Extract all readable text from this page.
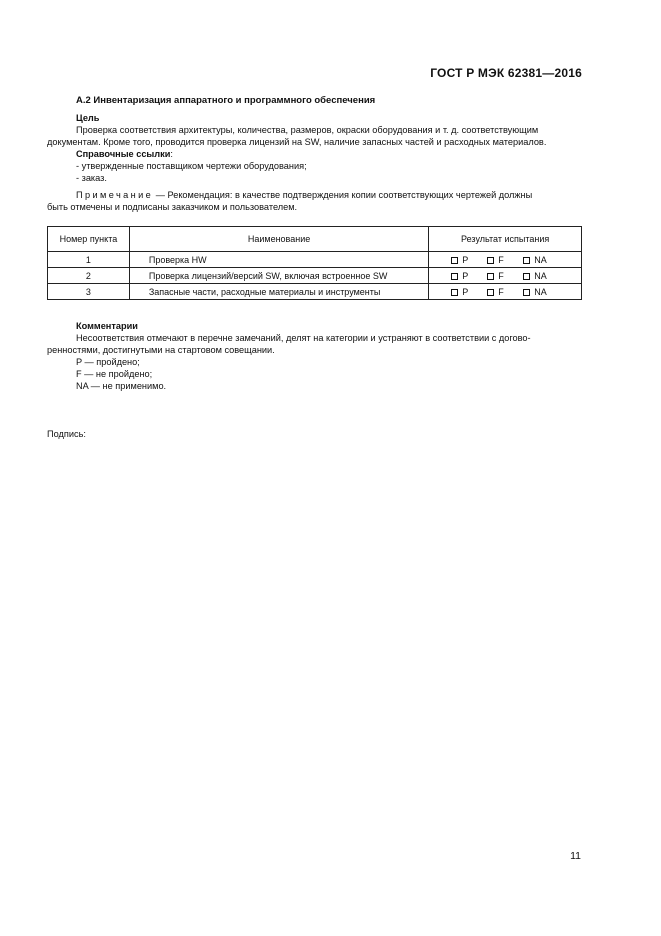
ГОСТ Р МЭК 62381—2016
А.2 Инвентаризация аппаратного и программного обеспечения
Цель
Проверка соответствия архитектуры, количества, размеров, окраски оборудования и т. д. соответствующим
документам. Кроме того, проводится проверка лицензий на SW, наличие запасных частей и расходных материалов.
Справочные ссылки:
- утвержденные поставщиком чертежи оборудования;
- заказ.
Примечание — Рекомендация: в качестве подтверждения копии соответствующих чертежей должны
быть отмечены и подписаны заказчиком и пользователем.
Номер пункта	Наименование	Результат испытания
1	Проверка HW	P F NA
2	Проверка лицензий/версий SW, включая встроенное SW	P F NA
3	Запасные части, расходные материалы и инструменты	P F NA
Комментарии
Несоответствия отмечают в перечне замечаний, делят на категории и устраняют в соответствии с догово-
ренностями, достигнутыми на стартовом совещании.
P — пройдено;
F — не пройдено;
NA — не применимо.
Подпись:
11
